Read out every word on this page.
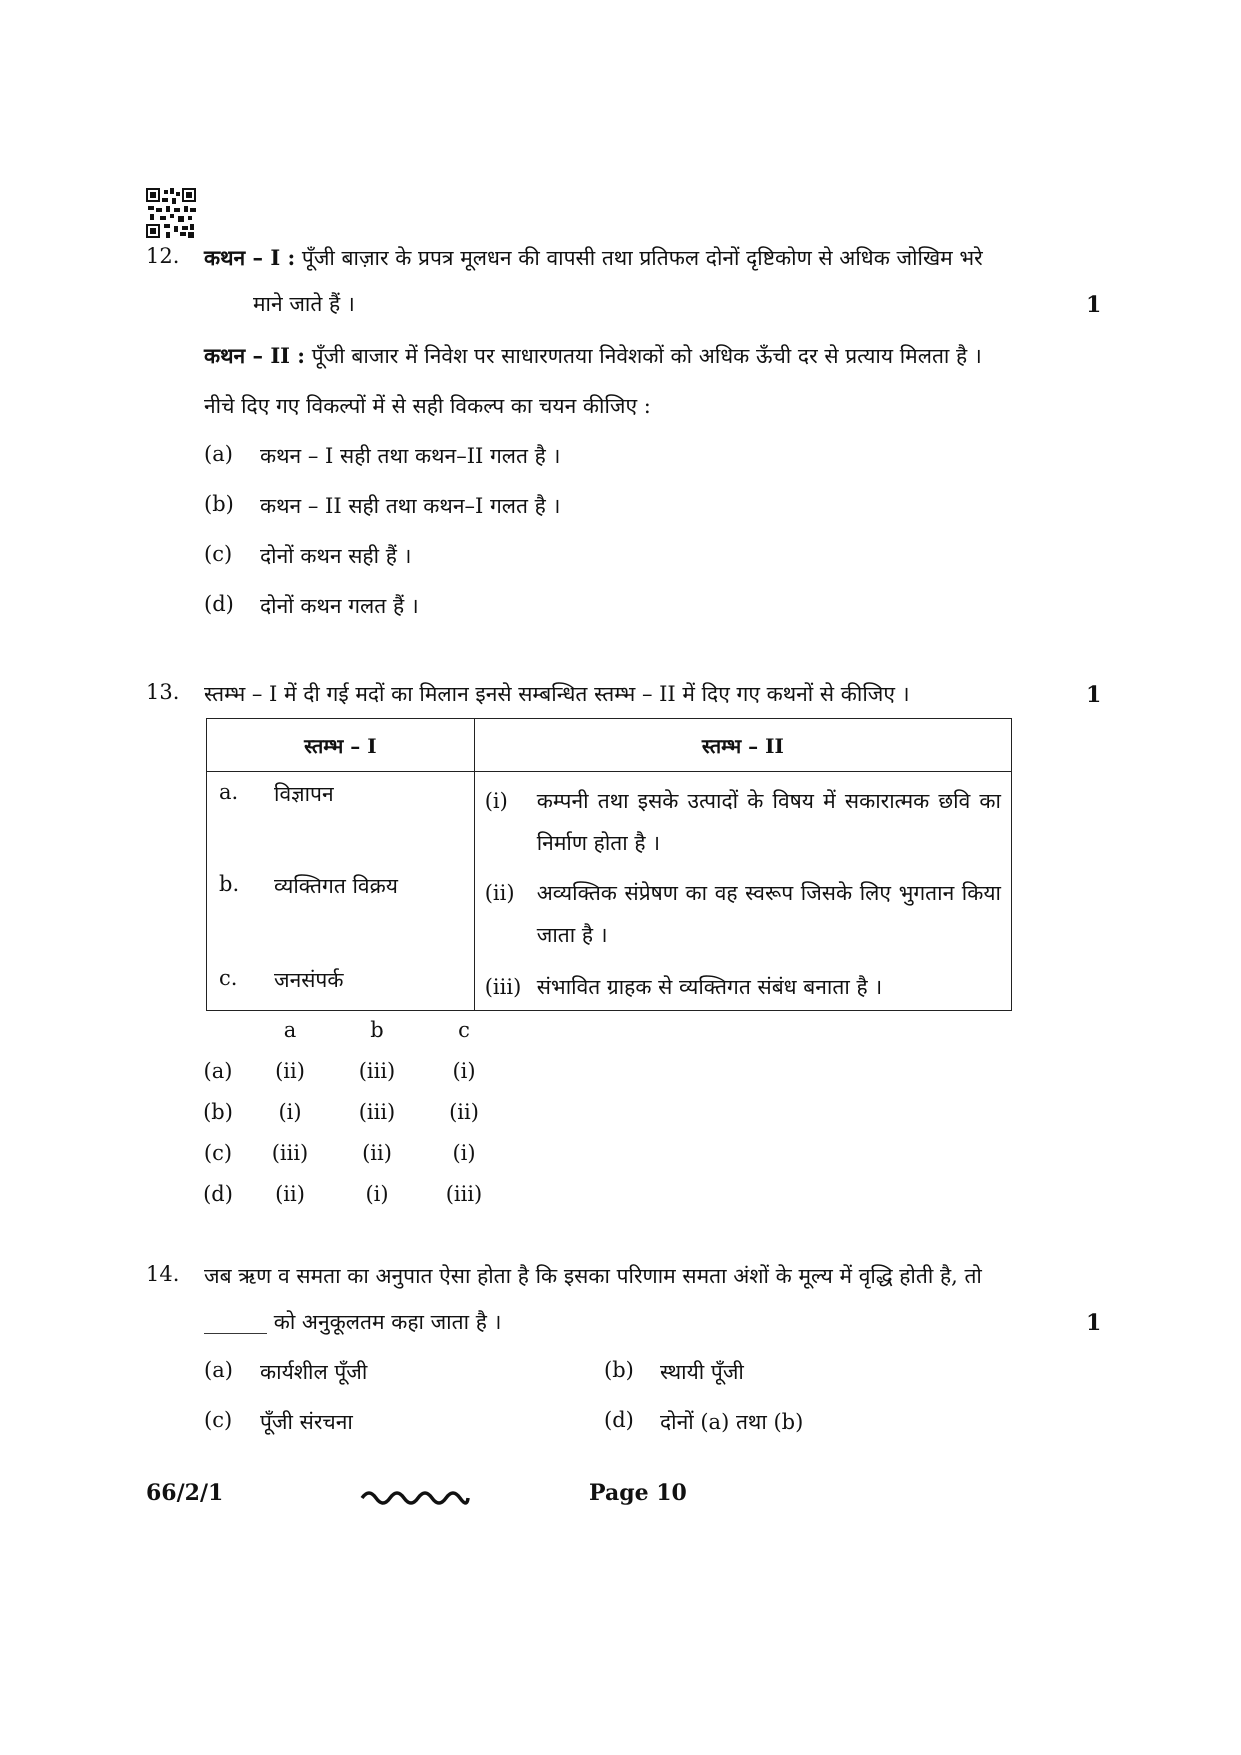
12. कथन – I : पूँजी बाज़ार के प्रपत्र मूलधन की वापसी तथा प्रतिफल दोनों दृष्टिकोण से अधिक जोखिम भरे
माने जाते हैं ।	1
कथन – II : पूँजी बाजार में निवेश पर साधारणतया निवेशकों को अधिक ऊँची दर से प्रत्याय मिलता है ।
नीचे दिए गए विकल्पों में से सही विकल्प का चयन कीजिए :
(a) कथन – I सही तथा कथन–II गलत है ।
(b) कथन – II सही तथा कथन–I गलत है ।
(c) दोनों कथन सही हैं ।
(d) दोनों कथन गलत हैं ।
13. स्तम्भ – I में दी गई मदों का मिलान इनसे सम्बन्धित स्तम्भ – II में दिए गए कथनों से कीजिए ।	1
स्तम्भ – I	स्तम्भ – II

a. विज्ञापन	(i) कम्पनी तथा इसके उत्पादों के विषय में सकारात्मक छवि का निर्माण होता है ।

b. व्यक्तिगत विक्रय	(ii) अव्यक्तिक संप्रेषण का वह स्वरूप जिसके लिए भुगतान किया जाता है ।

c. जनसंपर्क	(iii) संभावित ग्राहक से व्यक्तिगत संबंध बनाता है ।
a	b	c
(a)	(ii)	(iii)	(i)
(b)	(i)	(iii)	(ii)
(c)	(iii)	(ii)	(i)
(d)	(ii)	(i)	(iii)
14. जब ऋण व समता का अनुपात ऐसा होता है कि इसका परिणाम समता अंशों के मूल्य में वृद्धि होती है, तो
______ को अनुकूलतम कहा जाता है ।	1
(a) कार्यशील पूँजी	(b) स्थायी पूँजी
(c) पूँजी संरचना	(d) दोनों (a) तथा (b)
66/2/1	Page 10
